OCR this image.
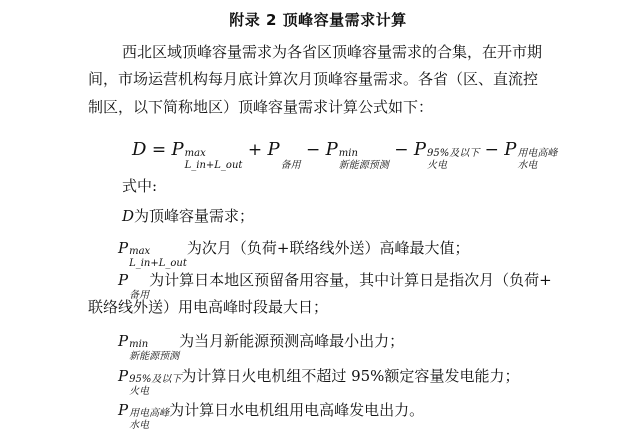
附录 2 顶峰容量需求计算
西北区域顶峰容量需求为各省区顶峰容量需求的合集，在开市期
间，市场运营机构每月底计算次月顶峰容量需求。各省（区、直流控
制区，以下简称地区）顶峰容量需求计算公式如下：
D = P max
L_in+L_out
+ P

备用
− P min
新能源预测
− P 95%及以下
火电
− P 用电高峰
水电
式中:
D为顶峰容量需求；
P max
L_in+L_out
为次月（负荷+联络线外送）高峰最大值；
P

备用
为计算日本地区预留备用容量，其中计算日是指次月（负荷+
联络线外送）用电高峰时段最大日；
P min
新能源预测
为当月新能源预测高峰最小出力；
P 95%及以下
火电
为计算日火电机组不超过 95%额定容量发电能力；
P 用电高峰
水电
为计算日水电机组用电高峰发电出力。
